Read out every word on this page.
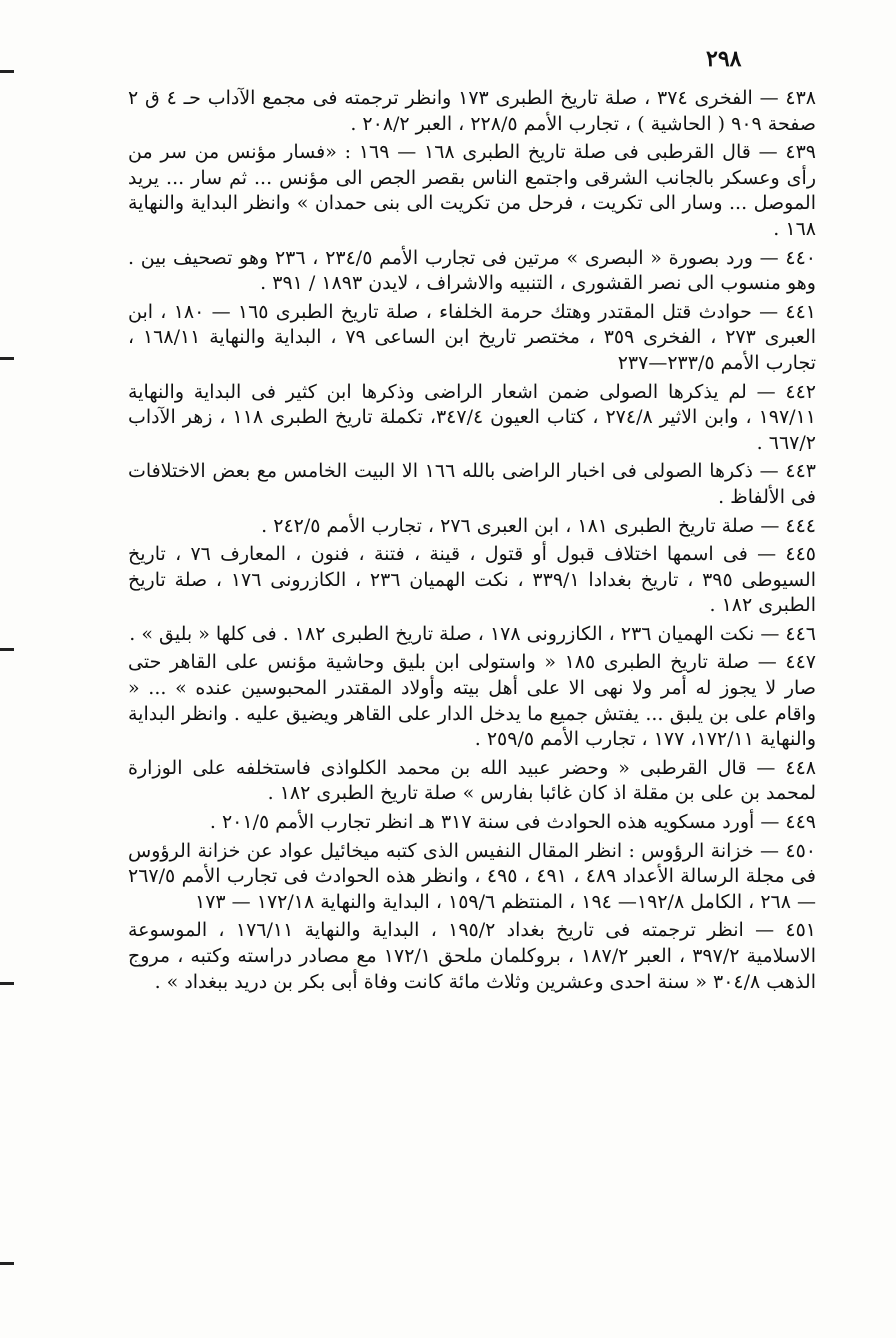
٢٩٨

٤٣٨ — الفخرى ٣٧٤ ، صلة تاريخ الطبرى ١٧٣ وانظر ترجمته فى مجمع الآداب حـ ٤ ق ٢ صفحة ٩٠٩ ( الحاشية ) ، تجارب الأمم ٢٢٨/٥ ، العبر ٢٠٨/٢ .

٤٣٩ — قال القرطبى فى صلة تاريخ الطبرى ١٦٨ — ١٦٩ : «فسار مؤنس من سر من رأى وعسكر بالجانب الشرقى واجتمع الناس بقصر الجص الى مؤنس ... ثم سار ... يريد الموصل ... وسار الى تكريت ، فرحل من تكريت الى بنى حمدان » وانظر البداية والنهاية ١٦٨ .

٤٤٠ — ورد بصورة « البصرى » مرتين فى تجارب الأمم ٢٣٤/٥ ، ٢٣٦ وهو تصحيف بين . وهو منسوب الى نصر القشورى ، التنبيه والاشراف ، لايدن ١٨٩٣ / ٣٩١ .

٤٤١ — حوادث قتل المقتدر وهتك حرمة الخلفاء ، صلة تاريخ الطبرى ١٦٥ — ١٨٠ ، ابن العبرى ٢٧٣ ، الفخرى ٣٥٩ ، مختصر تاريخ ابن الساعى ٧٩ ، البداية والنهاية ١٦٨/١١ ، تجارب الأمم ٢٣٣/٥—٢٣٧

٤٤٢ — لم يذكرها الصولى ضمن اشعار الراضى وذكرها ابن كثير فى البداية والنهاية ١٩٧/١١ ، وابن الاثير ٢٧٤/٨ ، كتاب العيون ٣٤٧/٤، تكملة تاريخ الطبرى ١١٨ ، زهر الآداب ٦٦٧/٢ .

٤٤٣ — ذكرها الصولى فى اخبار الراضى بالله ١٦٦ الا البيت الخامس مع بعض الاختلافات فى الألفاظ .

٤٤٤ — صلة تاريخ الطبرى ١٨١ ، ابن العبرى ٢٧٦ ، تجارب الأمم ٢٤٢/٥ .

٤٤٥ — فى اسمها اختلاف قبول أو قتول ، قينة ، فتنة ، فنون ، المعارف ٧٦ ، تاريخ السيوطى ٣٩٥ ، تاريخ بغدادا ٣٣٩/١ ، نكت الهميان ٢٣٦ ، الكازرونى ١٧٦ ، صلة تاريخ الطبرى ١٨٢ .

٤٤٦ — نكت الهميان ٢٣٦ ، الكازرونى ١٧٨ ، صلة تاريخ الطبرى ١٨٢ . فى كلها « بليق » .

٤٤٧ — صلة تاريخ الطبرى ١٨٥ « واستولى ابن بليق وحاشية مؤنس على القاهر حتى صار لا يجوز له أمر ولا نهى الا على أهل بيته وأولاد المقتدر المحبوسين عنده » ... « واقام على بن يلبق ... يفتش جميع ما يدخل الدار على القاهر ويضيق عليه . وانظر البداية والنهاية ١٧٢/١١، ١٧٧ ، تجارب الأمم ٢٥٩/٥ .

٤٤٨ — قال القرطبى « وحضر عبيد الله بن محمد الكلواذى فاستخلفه على الوزارة لمحمد بن على بن مقلة اذ كان غائبا بفارس » صلة تاريخ الطبرى ١٨٢ .

٤٤٩ — أورد مسكويه هذه الحوادث فى سنة ٣١٧ هـ انظر تجارب الأمم ٢٠١/٥ .

٤٥٠ — خزانة الرؤوس : انظر المقال النفيس الذى كتبه ميخائيل عواد عن خزانة الرؤوس فى مجلة الرسالة الأعداد ٤٨٩ ، ٤٩١ ، ٤٩٥ ، وانظر هذه الحوادث فى تجارب الأمم ٢٦٧/٥ — ٢٦٨ ، الكامل ١٩٢/٨— ١٩٤ ، المنتظم ١٥٩/٦ ، البداية والنهاية ١٧٢/١٨ — ١٧٣

٤٥١ — انظر ترجمته فى تاريخ بغداد ١٩٥/٢ ، البداية والنهاية ١٧٦/١١ ، الموسوعة الاسلامية ٣٩٧/٢ ، العبر ١٨٧/٢ ، بروكلمان ملحق ١٧٢/١ مع مصادر دراسته وكتبه ، مروج الذهب ٣٠٤/٨ « سنة احدى وعشرين وثلاث مائة كانت وفاة أبى بكر بن دريد ببغداد » .
